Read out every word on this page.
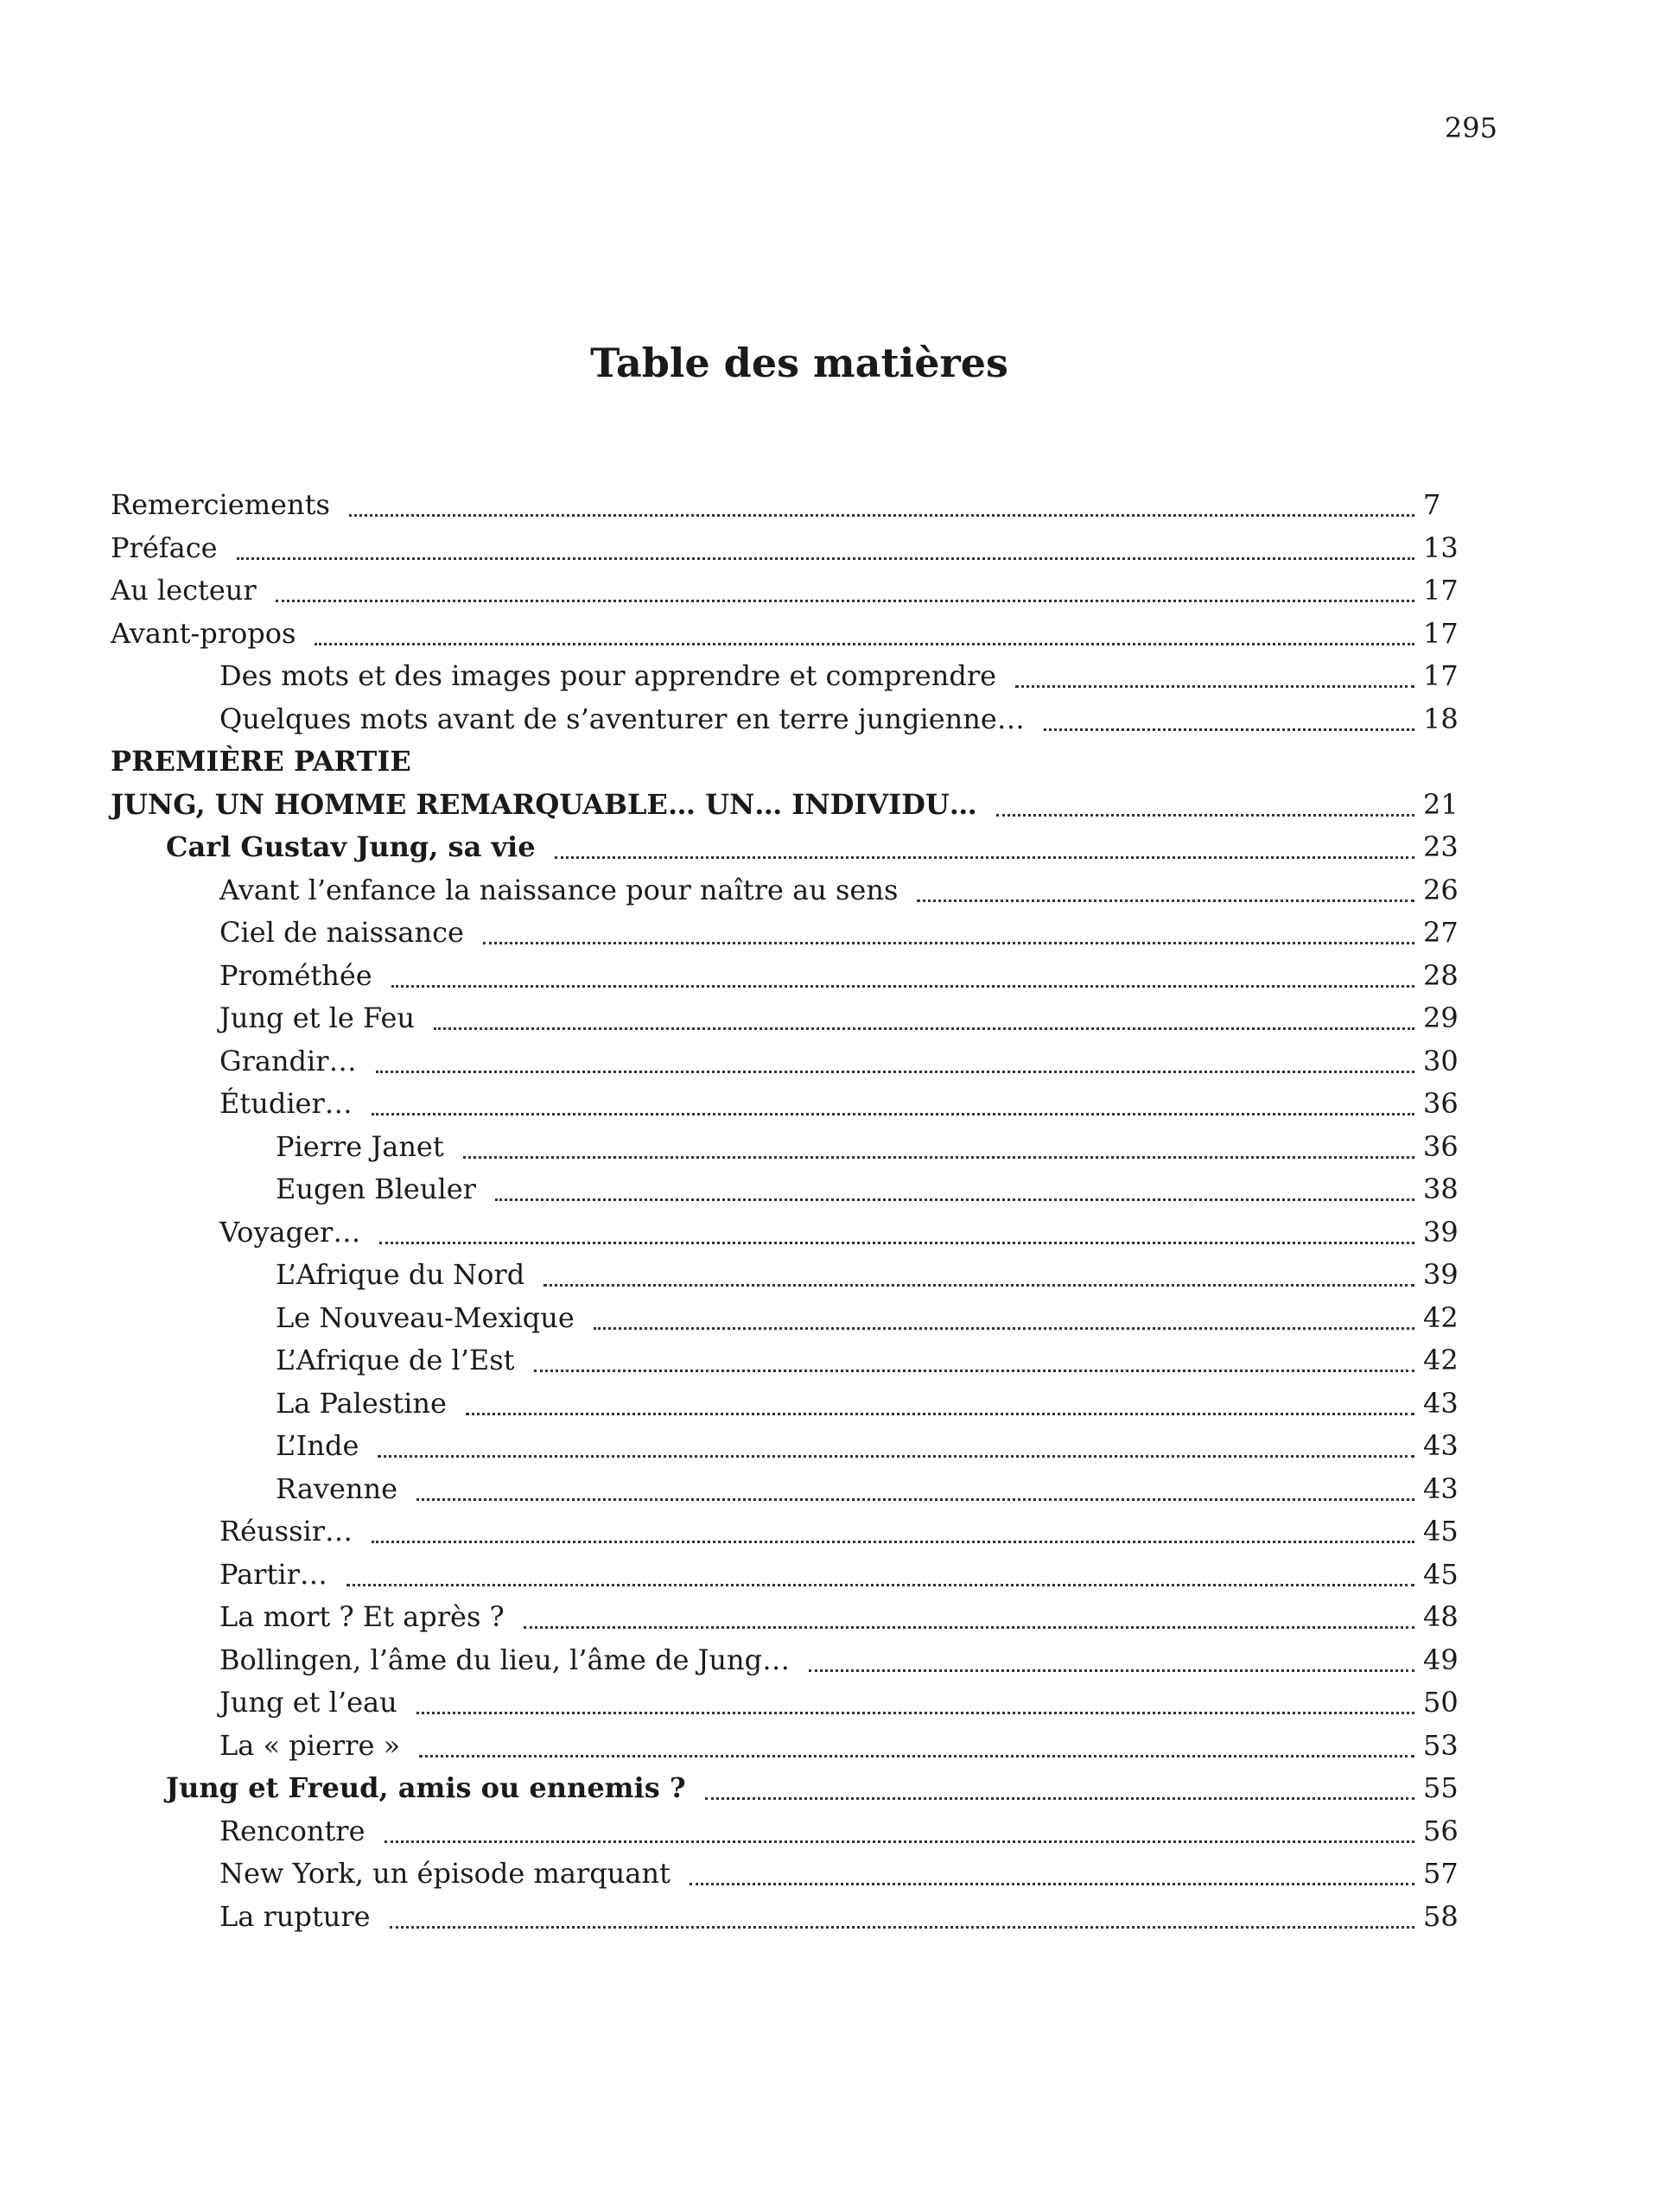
295
Table des matières
Remerciements	7
Préface	13
Au lecteur	17
Avant-propos	17
Des mots et des images pour apprendre et comprendre	17
Quelques mots avant de s’aventurer en terre jungienne…	18
PREMIÈRE PARTIE
JUNG, UN HOMME REMARQUABLE… UN… INDIVIDU…	21
Carl Gustav Jung, sa vie	23
Avant l’enfance la naissance pour naître au sens	26
Ciel de naissance	27
Prométhée	28
Jung et le Feu	29
Grandir…	30
Étudier…	36
Pierre Janet	36
Eugen Bleuler	38
Voyager…	39
L’Afrique du Nord	39
Le Nouveau-Mexique	42
L’Afrique de l’Est	42
La Palestine	43
L’Inde	43
Ravenne	43
Réussir…	45
Partir…	45
La mort ? Et après ?	48
Bollingen, l’âme du lieu, l’âme de Jung…	49
Jung et l’eau	50
La « pierre »	53
Jung et Freud, amis ou ennemis ?	55
Rencontre	56
New York, un épisode marquant	57
La rupture	58
